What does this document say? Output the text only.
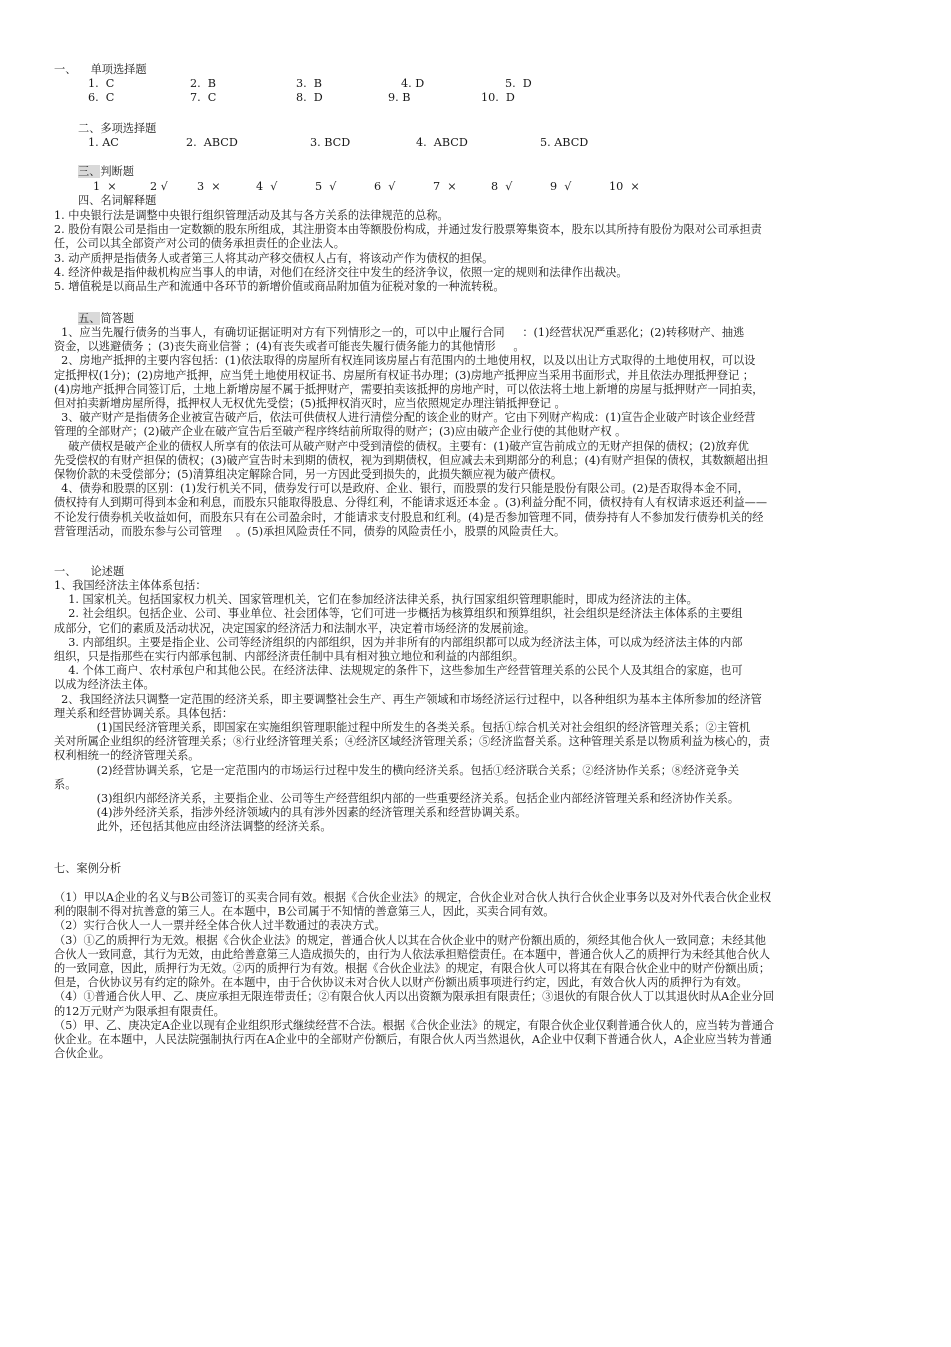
一、    单项选择题
1.  C	2.  B	3.  B	4. D	5.  D
6.  C	7.  C	8.  D	9. B	10.  D
二、多项选择题
1. AC	2.  ABCD	3. BCD	4.  ABCD	5. ABCD
三、判断题
1  ×	2 √	3  ×	4  √	5  √	6  √	7  ×	8  √	9  √	10  ×
四、名词解释题
1. 中央银行法是调整中央银行组织管理活动及其与各方关系的法律规范的总称。
2. 股份有限公司是指由一定数额的股东所组成，其注册资本由等额股份构成，并通过发行股票筹集资本，股东以其所持有股份为限对公司承担责
任，公司以其全部资产对公司的债务承担责任的企业法人。
3. 动产质押是指债务人或者第三人将其动产移交债权人占有，将该动产作为债权的担保。
4. 经济仲裁是指仲裁机构应当事人的申请，对他们在经济交往中发生的经济争议，依照一定的规则和法律作出裁决。
5. 增值税是以商品生产和流通中各环节的新增价值或商品附加值为征税对象的一种流转税。
五、简答题
1、应当先履行债务的当事人，有确切证据证明对方有下列情形之一的，可以中止履行合同     ：(1)经营状况严重恶化；(2)转移财产、抽逃
资金，以逃避债务 ；(3)丧失商业信誉 ；(4)有丧失或者可能丧失履行债务能力的其他情形     。
2、房地产抵押的主要内容包括：(1)依法取得的房屋所有权连同该房屋占有范围内的土地使用权，以及以出让方式取得的土地使用权，可以设
定抵押权(1分)；(2)房地产抵押，应当凭土地使用权证书、房屋所有权证书办理；(3)房地产抵押应当采用书面形式，并且依法办理抵押登记 ；
(4)房地产抵押合同签订后，土地上新增房屋不属于抵押财产，需要拍卖该抵押的房地产时，可以依法将土地上新增的房屋与抵押财产一同拍卖，
但对拍卖新增房屋所得，抵押权人无权优先受偿；(5)抵押权消灭时，应当依照规定办理注销抵押登记 。
3、破产财产是指债务企业被宣告破产后，依法可供债权人进行清偿分配的该企业的财产。它由下列财产构成：(1)宣告企业破产时该企业经营
管理的全部财产；(2)破产企业在破产宣告后至破产程序终结前所取得的财产；(3)应由破产企业行使的其他财产权 。
破产债权是破产企业的债权人所享有的依法可从破产财产中受到清偿的债权。主要有：(1)破产宣告前成立的无财产担保的债权；(2)放弃优
先受偿权的有财产担保的债权；(3)破产宣告时未到期的债权，视为到期债权，但应减去未到期部分的利息；(4)有财产担保的债权，其数额超出担
保物价款的未受偿部分；(5)清算组决定解除合同，另一方因此受到损失的，此损失额应视为破产债权。
4、债券和股票的区别：(1)发行机关不同，债券发行可以是政府、企业、银行，而股票的发行只能是股份有限公司。(2)是否取得本金不同，
债权持有人到期可得到本金和利息，而股东只能取得股息、分得红利，不能请求返还本金 。(3)利益分配不同，债权持有人有权请求返还利益——
不论发行债券机关收益如何，而股东只有在公司盈余时，才能请求支付股息和红利。(4)是否参加管理不同，债券持有人不参加发行债券机关的经
营管理活动，而股东参与公司管理    。(5)承担风险责任不同，债券的风险责任小，股票的风险责任大。
一、    论述题
1、我国经济法主体体系包括：
1. 国家机关。包括国家权力机关、国家管理机关，它们在参加经济法律关系，执行国家组织管理职能时，即成为经济法的主体。
2. 社会组织。包括企业、公司、事业单位、社会团体等，它们可进一步概括为核算组织和预算组织，社会组织是经济法主体体系的主要组
成部分，它们的素质及活动状况，决定国家的经济活力和法制水平，决定着市场经济的发展前途。
3. 内部组织。主要是指企业、公司等经济组织的内部组织，因为并非所有的内部组织都可以成为经济法主体，可以成为经济法主体的内部
组织，只是指那些在实行内部承包制、内部经济责任制中具有相对独立地位和利益的内部组织。
4. 个体工商户、农村承包户和其他公民。在经济法律、法规规定的条件下，这些参加生产经营管理关系的公民个人及其组合的家庭，也可
以成为经济法主体。
2、我国经济法只调整一定范围的经济关系，即主要调整社会生产、再生产领域和市场经济运行过程中，以各种组织为基本主体所参加的经济管
理关系和经营协调关系。具体包括：
(1)国民经济管理关系，即国家在实施组织管理职能过程中所发生的各类关系。包括①综合机关对社会组织的经济管理关系；②主管机
关对所属企业组织的经济管理关系；⑧行业经济管理关系；④经济区域经济管理关系；⑤经济监督关系。这种管理关系是以物质利益为核心的，责
权利相统一的经济管理关系。
(2)经营协调关系，它是一定范围内的市场运行过程中发生的横向经济关系。包括①经济联合关系；②经济协作关系；⑧经济竞争关
系。
(3)组织内部经济关系，主要指企业、公司等生产经营组织内部的一些重要经济关系。包括企业内部经济管理关系和经济协作关系。
(4)涉外经济关系，指涉外经济领域内的具有涉外因素的经济管理关系和经营协调关系。
此外，还包括其他应由经济法调整的经济关系。
七、案例分析
（1）甲以A企业的名义与B公司签订的买卖合同有效。根据《合伙企业法》的规定，合伙企业对合伙人执行合伙企业事务以及对外代表合伙企业权
利的限制不得对抗善意的第三人。在本题中，B公司属于不知情的善意第三人，因此，买卖合同有效。
（2）实行合伙人一人一票并经全体合伙人过半数通过的表决方式。
（3）①乙的质押行为无效。根据《合伙企业法》的规定，普通合伙人以其在合伙企业中的财产份额出质的，须经其他合伙人一致同意；未经其他
合伙人一致同意，其行为无效，由此给善意第三人造成损失的，由行为人依法承担赔偿责任。在本题中，普通合伙人乙的质押行为未经其他合伙人
的一致同意，因此，质押行为无效。②丙的质押行为有效。根据《合伙企业法》的规定，有限合伙人可以将其在有限合伙企业中的财产份额出质；
但是，合伙协议另有约定的除外。在本题中，由于合伙协议未对合伙人以财产份额出质事项进行约定，因此，有效合伙人丙的质押行为有效。
（4）①普通合伙人甲、乙、庚应承担无限连带责任；②有限合伙人丙以出资额为限承担有限责任；③退伙的有限合伙人丁以其退伙时从A企业分回
的12万元财产为限承担有限责任。
（5）甲、乙、庚决定A企业以现有企业组织形式继续经营不合法。根据《合伙企业法》的规定，有限合伙企业仅剩普通合伙人的，应当转为普通合
伙企业。在本题中，人民法院强制执行丙在A企业中的全部财产份额后，有限合伙人丙当然退伙，A企业中仅剩下普通合伙人，A企业应当转为普通
合伙企业。
